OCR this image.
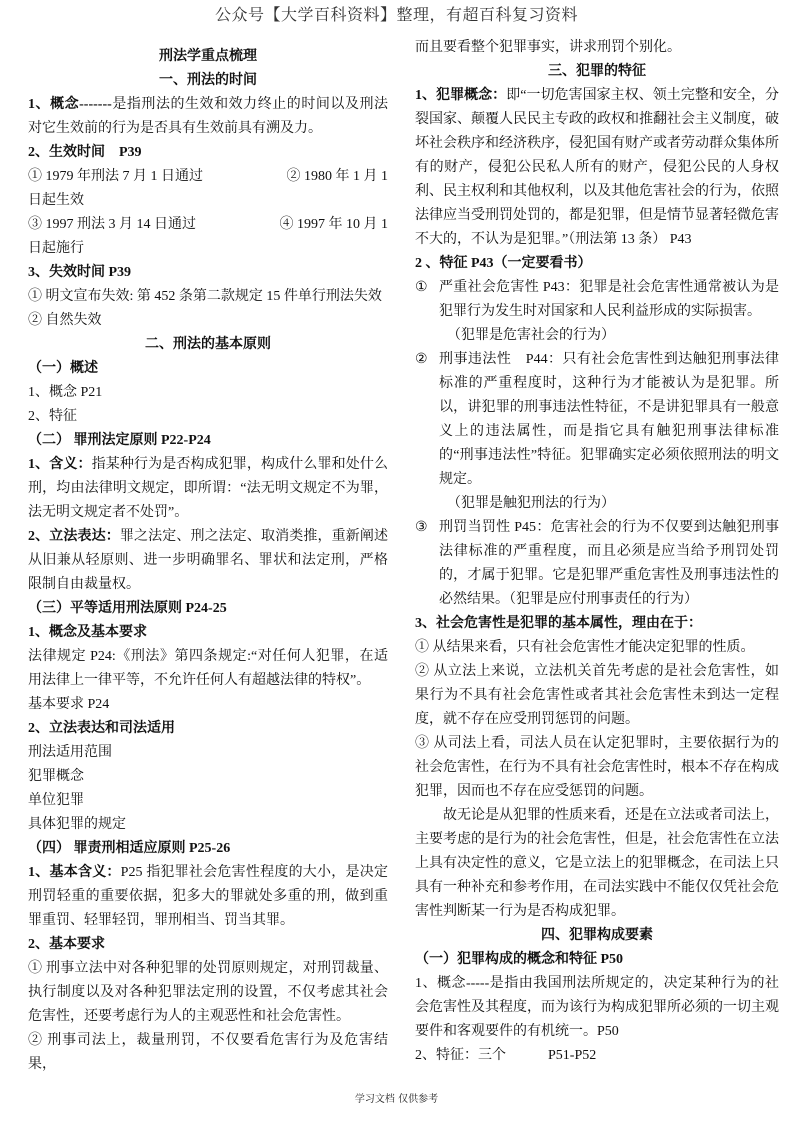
公众号【大学百科资料】整理，有超百科复习资料
刑法学重点梳理
一、刑法的时间
1、概念-------是指刑法的生效和效力终止的时间以及刑法对它生效前的行为是否具有生效前具有溯及力。
2、生效时间　P39
① 1979 年刑法 7 月 1 日通过	② 1980 年 1 月 1
日起生效
③ 1997 刑法 3 月 14 日通过	④ 1997 年 10 月 1
日起施行
3、失效时间 P39
① 明文宣布失效: 第 452 条第二款规定 15 件单行刑法失效
② 自然失效
二、刑法的基本原则
（一）概述
1、概念 P21
2、特征
（二） 罪刑法定原则 P22-P24
1、含义：指某种行为是否构成犯罪，构成什么罪和处什么刑，均由法律明文规定，即所谓：“法无明文规定不为罪，法无明文规定者不处罚”。
2、立法表达：罪之法定、刑之法定、取消类推，重新阐述从旧兼从轻原则、进一步明确罪名、罪状和法定刑，严格限制自由裁量权。
（三）平等适用刑法原则 P24-25
1、概念及基本要求
法律规定 P24:《刑法》第四条规定:“对任何人犯罪，在适用法律上一律平等，不允许任何人有超越法律的特权”。
基本要求 P24
2、立法表达和司法适用
刑法适用范围
犯罪概念
单位犯罪
具体犯罪的规定
（四） 罪责刑相适应原则 P25-26
1、基本含义：P25 指犯罪社会危害性程度的大小，是决定刑罚轻重的重要依据，犯多大的罪就处多重的刑，做到重罪重罚、轻罪轻罚，罪刑相当、罚当其罪。
2、基本要求
① 刑事立法中对各种犯罪的处罚原则规定，对刑罚裁量、执行制度以及对各种犯罪法定刑的设置，不仅考虑其社会危害性，还要考虑行为人的主观恶性和社会危害性。
② 刑事司法上，裁量刑罚，不仅要看危害行为及危害结果，
而且要看整个犯罪事实，讲求刑罚个别化。
三、犯罪的特征
1、犯罪概念：即“一切危害国家主权、领土完整和安全，分裂国家、颠覆人民民主专政的政权和推翻社会主义制度，破坏社会秩序和经济秩序，侵犯国有财产或者劳动群众集体所有的财产，侵犯公民私人所有的财产，侵犯公民的人身权利、民主权利和其他权利，以及其他危害社会的行为，依照法律应当受刑罚处罚的，都是犯罪，但是情节显著轻微危害不大的，不认为是犯罪。”（刑法第 13 条） P43
2 、特征 P43（一定要看书）
① 严重社会危害性 P43：犯罪是社会危害性通常被认为是犯罪行为发生时对国家和人民利益形成的实际损害。
（犯罪是危害社会的行为）
② 刑事违法性　P44：只有社会危害性到达触犯刑事法律标准的严重程度时，这种行为才能被认为是犯罪。所以，讲犯罪的刑事违法性特征，不是讲犯罪具有一般意义上的违法属性，而是指它具有触犯刑事法律标准的“刑事违法性”特征。犯罪确实定必须依照刑法的明文规定。
（犯罪是触犯刑法的行为）
③ 刑罚当罚性 P45：危害社会的行为不仅要到达触犯刑事法律标准的严重程度，而且必须是应当给予刑罚处罚的，才属于犯罪。它是犯罪严重危害性及刑事违法性的必然结果。（犯罪是应付刑事责任的行为）
3、社会危害性是犯罪的基本属性，理由在于：
① 从结果来看，只有社会危害性才能决定犯罪的性质。
② 从立法上来说，立法机关首先考虑的是社会危害性，如果行为不具有社会危害性或者其社会危害性未到达一定程度，就不存在应受刑罚惩罚的问题。
③ 从司法上看，司法人员在认定犯罪时，主要依据行为的社会危害性，在行为不具有社会危害性时，根本不存在构成犯罪，因而也不存在应受惩罚的问题。
故无论是从犯罪的性质来看，还是在立法或者司法上，主要考虑的是行为的社会危害性，但是，社会危害性在立法上具有决定性的意义，它是立法上的犯罪概念，在司法上只具有一种补充和参考作用，在司法实践中不能仅仅凭社会危害性判断某一行为是否构成犯罪。
四、犯罪构成要素
（一）犯罪构成的概念和特征 P50
1、概念-----是指由我国刑法所规定的，决定某种行为的社会危害性及其程度，而为该行为构成犯罪所必须的一切主观要件和客观要件的有机统一。P50
2、特征：三个　　　P51-P52
学习文档 仅供参考
